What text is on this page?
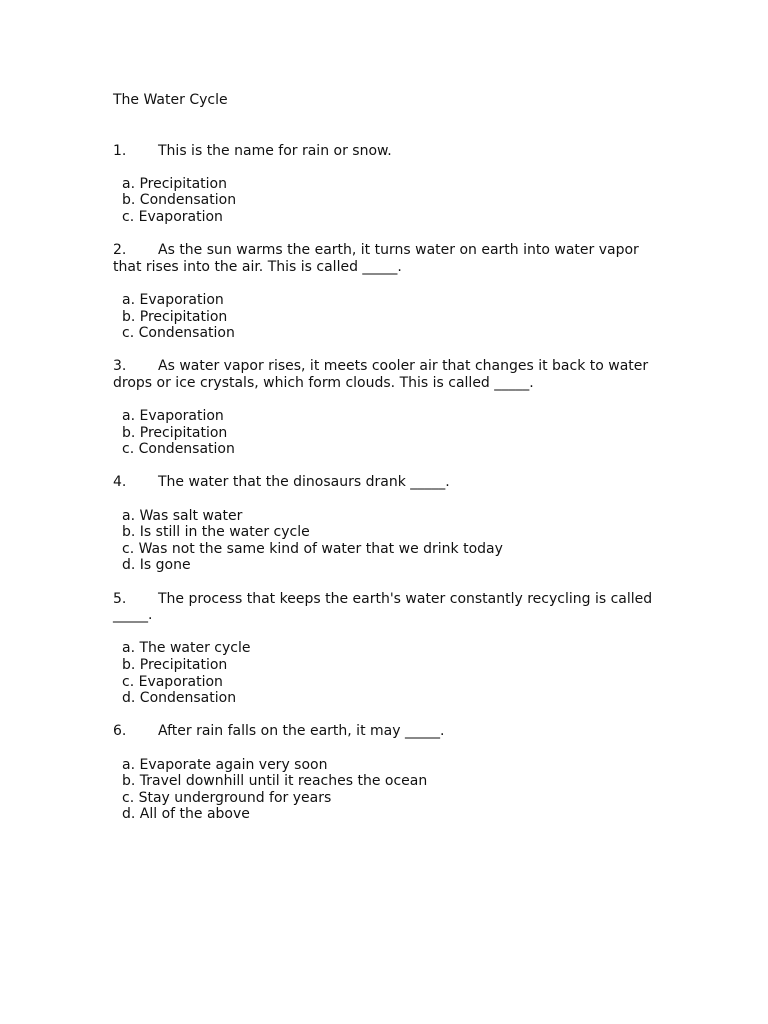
The Water Cycle

1. This is the name for rain or snow.

a. Precipitation
b. Condensation
c. Evaporation

2. As the sun warms the earth, it turns water on earth into water vapor that rises into the air. This is called _____.

a. Evaporation
b. Precipitation
c. Condensation

3. As water vapor rises, it meets cooler air that changes it back to water drops or ice crystals, which form clouds. This is called _____.

a. Evaporation
b. Precipitation
c. Condensation

4. The water that the dinosaurs drank _____.

a. Was salt water
b. Is still in the water cycle
c. Was not the same kind of water that we drink today
d. Is gone

5. The process that keeps the earth's water constantly recycling is called _____.

a. The water cycle
b. Precipitation
c. Evaporation
d. Condensation

6. After rain falls on the earth, it may _____.

a. Evaporate again very soon
b. Travel downhill until it reaches the ocean
c. Stay underground for years
d. All of the above
